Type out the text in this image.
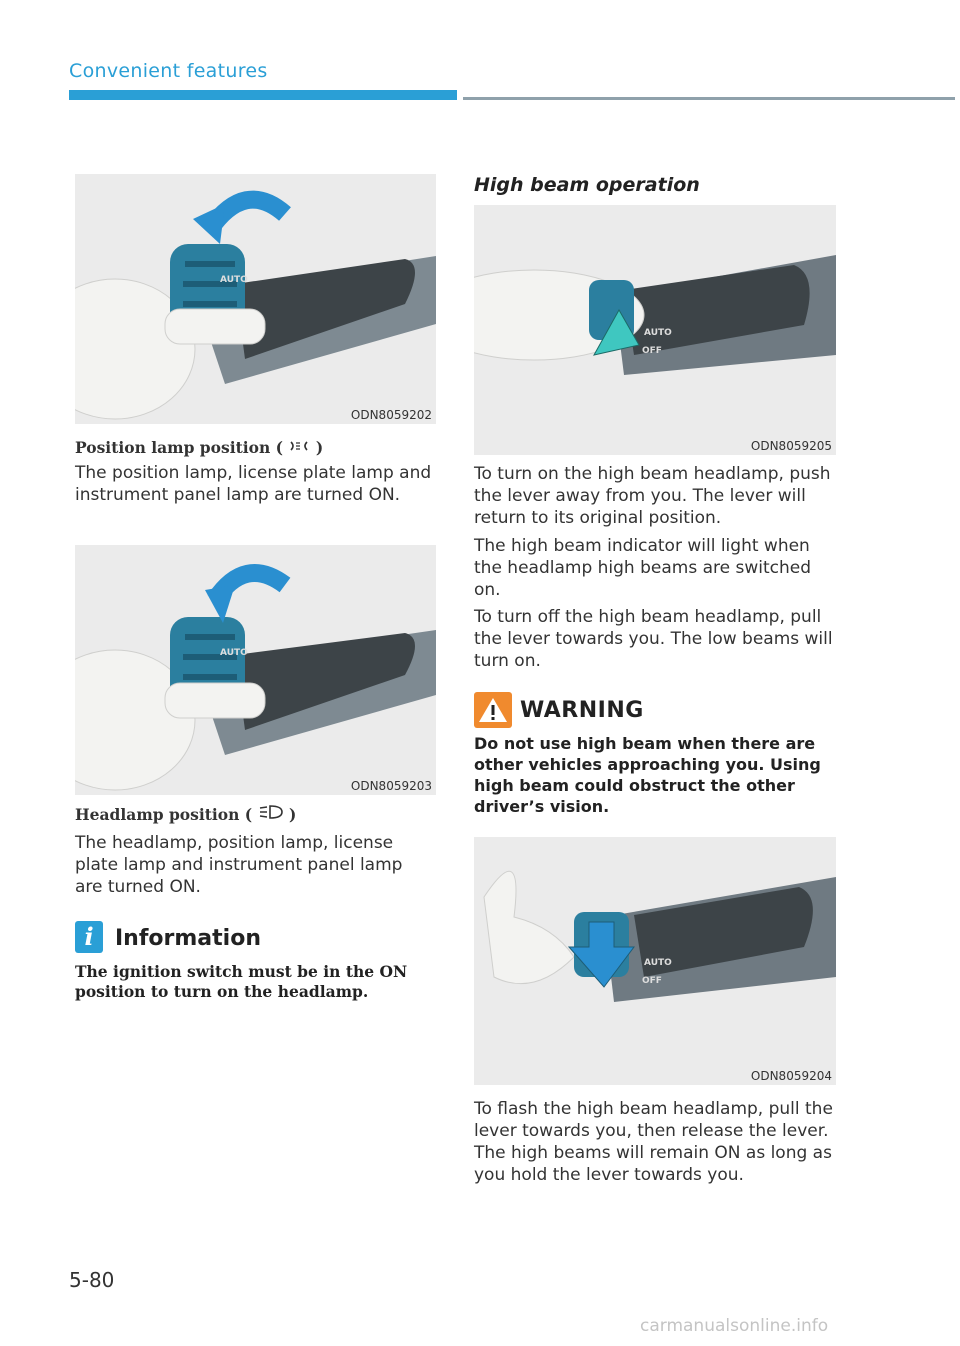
Convenient features
AUTO
ODN8059202
Position lamp position ( )
The position lamp, license plate lamp and instrument panel lamp are turned ON.
AUTO
ODN8059203
Headlamp position ( )
The headlamp, position lamp, license plate lamp and instrument panel lamp are turned ON.
i Information
The ignition switch must be in the ON position to turn on the headlamp.
High beam operation
AUTO
OFF
ODN8059205
To turn on the high beam headlamp, push the lever away from you. The lever will return to its original position.
The high beam indicator will light when the headlamp high beams are switched on.
To turn off the high beam headlamp, pull the lever towards you. The low beams will turn on.
WARNING
Do not use high beam when there are other vehicles approaching you. Using high beam could obstruct the other driver’s vision.
AUTO
OFF
ODN8059204
To flash the high beam headlamp, pull the lever towards you, then release the lever. The high beams will remain ON as long as you hold the lever towards you.
5-80
carmanualsonline.info
